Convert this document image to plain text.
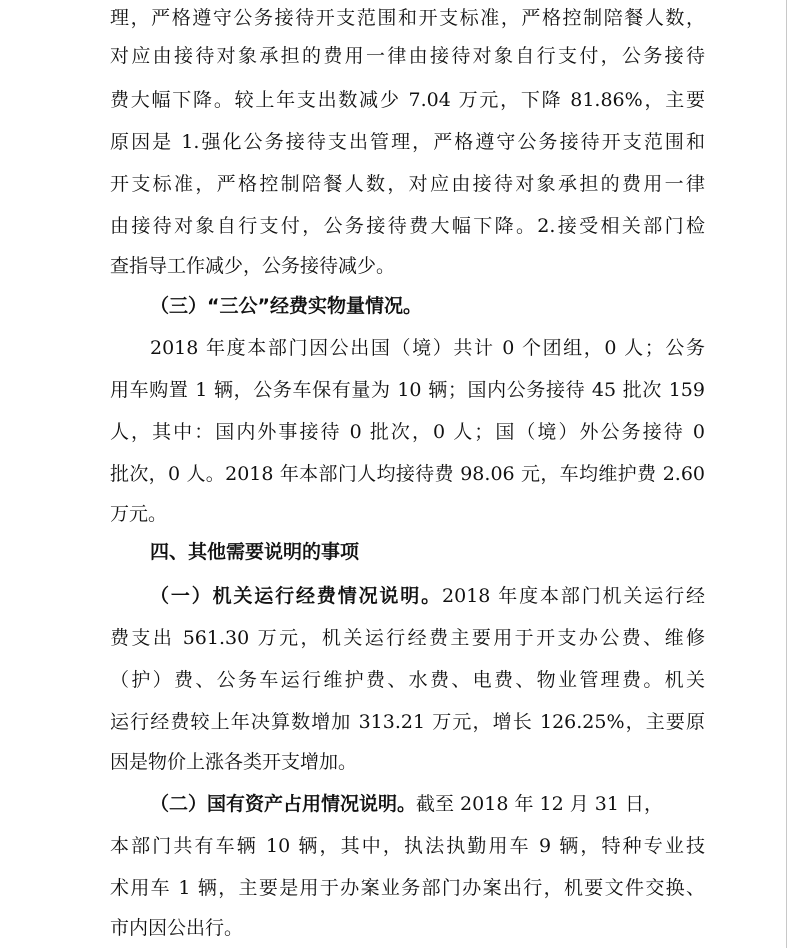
理，严格遵守公务接待开支范围和开支标准，严格控制陪餐人数，
对应由接待对象承担的费用一律由接待对象自行支付，公务接待
费大幅下降。较上年支出数减少 7.04 万元，下降 81.86%，主要
原因是 1.强化公务接待支出管理，严格遵守公务接待开支范围和
开支标准，严格控制陪餐人数，对应由接待对象承担的费用一律
由接待对象自行支付，公务接待费大幅下降。2.接受相关部门检
查指导工作减少，公务接待减少。
（三）“三公”经费实物量情况。
2018 年度本部门因公出国（境）共计 0 个团组，0 人；公务
用车购置 1 辆，公务车保有量为 10 辆；国内公务接待 45 批次 159
人，其中：国内外事接待 0 批次，0 人；国（境）外公务接待 0
批次，0 人。2018 年本部门人均接待费 98.06 元，车均维护费 2.60
万元。
四、其他需要说明的事项
（一）机关运行经费情况说明。2018 年度本部门机关运行经
费支出 561.30 万元，机关运行经费主要用于开支办公费、维修
（护）费、公务车运行维护费、水费、电费、物业管理费。机关
运行经费较上年决算数增加 313.21 万元，增长 126.25%，主要原
因是物价上涨各类开支增加。
（二）国有资产占用情况说明。截至 2018 年 12 月 31 日，
本部门共有车辆 10 辆，其中，执法执勤用车 9 辆，特种专业技
术用车 1 辆，主要是用于办案业务部门办案出行，机要文件交换、
市内因公出行。
